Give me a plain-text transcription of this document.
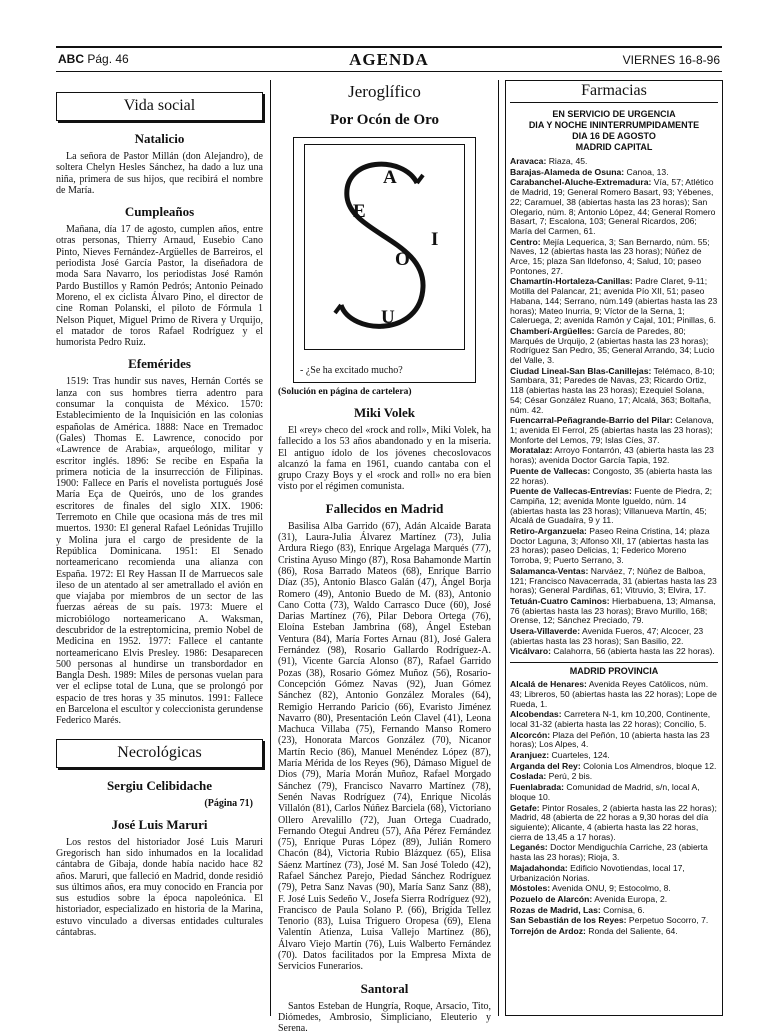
ABC Pág. 46	AGENDA	VIERNES 16-8-96
Vida social
Natalicio
La señora de Pastor Millán (don Alejandro), de soltera Chelyn Hesles Sánchez, ha dado a luz una niña, primera de sus hijos, que recibirá el nombre de María.
Cumpleaños
Mañana, día 17 de agosto, cumplen años, entre otras personas, Thierry Arnaud, Eusebio Cano Pinto, Nieves Fernández-Argüelles de Barreiros, el periodista José García Pastor, la diseñadora de moda Sara Navarro, los periodistas José Ramón Pardo Bustillos y Ramón Pedrós; Antonio Peinado Moreno, el ex ciclista Álvaro Pino, el director de cine Roman Polanski, el piloto de Fórmula 1 Nelson Piquet, Miguel Primo de Rivera y Urquijo, el matador de toros Rafael Rodríguez y el humorista Pedro Ruiz.
Efemérides
1519: Tras hundir sus naves, Hernán Cortés se lanza con sus hombres tierra adentro para consumar la conquista de México. 1570: Establecimiento de la Inquisición en las colonias españolas de América. 1888: Nace en Tremadoc (Gales) Thomas E. Lawrence, conocido por «Lawrence de Arabia», arqueólogo, militar y escritor inglés. 1896: Se recibe en España la primera noticia de la insurrección de Filipinas. 1900: Fallece en París el novelista portugués José María Eça de Queirós, uno de los grandes escritores de finales del siglo XIX. 1906: Terremoto en Chile que ocasiona más de tres mil muertos. 1930: El general Rafael Leónidas Trujillo y Molina jura el cargo de presidente de la República Dominicana. 1951: El Senado norteamericano recomienda una alianza con España. 1972: El Rey Hassan II de Marruecos sale ileso de un atentado al ser ametrallado el avión en que viajaba por miembros de un sector de las fuerzas aéreas de su país. 1973: Muere el microbiólogo norteamericano A. Waksman, descubridor de la estreptomicina, premio Nobel de Medicina en 1952. 1977: Fallece el cantante norteamericano Elvis Presley. 1986: Desaparecen 500 personas al hundirse un transbordador en Bangla Desh. 1989: Miles de personas vuelan para ver el eclipse total de Luna, que se prolongó por espacio de tres horas y 35 minutos. 1991: Fallece en Barcelona el escultor y coleccionista gerundense Federico Marés.
Necrológicas
Sergiu Celibidache
(Página 71)
José Luis Maruri
Los restos del historiador José Luis Maruri Gregorisch han sido inhumados en la localidad cántabra de Gibaja, donde había nacido hace 82 años. Maruri, que falleció en Madrid, donde residió sus últimos años, era muy conocido en Francia por sus estudios sobre la época napoleónica. El historiador, especializado en historia de la Marina, estuvo vinculado a diversas entidades culturales cántabras.
Jeroglífico
Por Ocón de Oro
A
E
I
O
U
- ¿Se ha excitado mucho?
(Solución en página de cartelera)
Miki Volek
El «rey» checo del «rock and roll», Miki Volek, ha fallecido a los 53 años abandonado y en la miseria. El antiguo ídolo de los jóvenes checoslovacos alcanzó la fama en 1961, cuando cantaba con el grupo Crazy Boys y el «rock and roll» no era bien visto por el régimen comunista.
Fallecidos en Madrid
Basilisa Alba Garrido (67), Adán Alcaide Barata (31), Laura-Julia Álvarez Martínez (73), Julia Ardura Riego (83), Enrique Argelaga Marqués (77), Cristina Ayuso Mingo (87), Rosa Bahamonde Martín (86), Rosa Barrado Mateos (68), Enrique Barrio Díaz (35), Antonio Blasco Galán (47), Ángel Borja Romero (49), Antonio Buedo de M. (83), Antonio Cano Cotta (73), Waldo Carrasco Duce (60), José Darias Martínez (76), Pilar Debora Ortega (76), Eloína Esteban Jambrina (68), Ángel Esteban Ventura (84), María Fortes Arnau (81), José Galera Fernández (98), Rosario Gallardo Rodríguez-A. (91), Vicente García Alonso (87), Rafael Garrido Pozas (38), Rosario Gómez Muñoz (56), Rosario-Concepción Gómez Navas (92), Juan Gómez Sánchez (82), Antonio González Morales (64), Remigio Herrando Paricio (66), Evaristo Jiménez Navarro (80), Presentación León Clavel (41), Leona Machuca Villaba (75), Fernando Manso Romero (23), Honorata Marcos González (70), Nicanor Martín Recio (86), Manuel Menéndez López (87), María Mérida de los Reyes (96), Dámaso Miguel de Dios (79), María Morán Muñoz, Rafael Morgado Sánchez (79), Francisco Navarro Martínez (78), Senén Navas Rodríguez (74), Enrique Nicolás Villalón (81), Carlos Núñez Barciela (68), Victoriano Ollero Arevalillo (72), Juan Ortega Cuadrado, Fernando Otegui Andreu (57), Aña Pérez Fernández (75), Enrique Puras López (89), Julián Romero Chacón (84), Victoria Rubio Blázquez (65), Elisa Sáenz Martínez (73), José M. San José Toledo (42), Rafael Sánchez Parejo, Piedad Sánchez Rodríguez (79), Petra Sanz Navas (90), María Sanz Sanz (88), F. José Luis Sedeño V., Josefa Sierra Rodríguez (92), Francisco de Paula Solano P. (66), Brígida Tellez Tenorio (83), Luisa Triguero Oropesa (69), Elena Valentín Atienza, Luisa Vallejo Martínez (86), Álvaro Viejo Martín (76), Luis Walberto Fernández (70). Datos facilitados por la Empresa Mixta de Servicios Funerarios.
Santoral
Santos Esteban de Hungría, Roque, Arsacio, Tito, Diómedes, Ambrosio, Simpliciano, Eleuterio y Serena.
Farmacias
EN SERVICIO DE URGENCIA
DIA Y NOCHE ININTERRUMPIDAMENTE
DIA 16 DE AGOSTO
MADRID CAPITAL
Aravaca: Riaza, 45.
Barajas-Alameda de Osuna: Canoa, 13.
Carabanchel-Aluche-Extremadura: Vía, 57; Atlético de Madrid, 19; General Romero Basart, 93; Yébenes, 22; Caramuel, 38 (abiertas hasta las 23 horas); San Olegario, núm. 8; Antonio López, 44; General Romero Basart, 7; Escalona, 103; General Ricardos, 206; María del Carmen, 61.
Centro: Mejía Lequerica, 3; San Bernardo, núm. 55; Naves, 12 (abiertas hasta las 23 horas); Núñez de Arce, 15; plaza San Ildefonso, 4; Salud, 10; paseo Pontones, 27.
Chamartín-Hortaleza-Canillas: Padre Claret, 9-11; Motilla del Palancar, 21; avenida Pío XII, 51; paseo Habana, 144; Serrano, núm.149 (abiertas hasta las 23 horas); Mateo Inurria, 9; Víctor de la Serna, 1; Caleruega, 2; avenida Ramón y Cajal, 101; Pinillas, 6.
Chamberí-Argüelles: García de Paredes, 80; Marqués de Urquijo, 2 (abiertas hasta las 23 horas); Rodríguez San Pedro, 35; General Arrando, 34; Lucio del Valle, 3.
Ciudad Lineal-San Blas-Canillejas: Telémaco, 8-10; Sambara, 31; Paredes de Navas, 23; Ricardo Ortiz, 118 (abiertas hasta las 23 horas); Ezequiel Solana, 54; César González Ruano, 17; Alcalá, 363; Boltaña, núm. 42.
Fuencarral-Peñagrande-Barrio del Pilar: Celanova, 1; avenida El Ferrol, 25 (abiertas hasta las 23 horas); Monforte del Lemos, 79; Islas Cíes, 37.
Moratalaz: Arroyo Fontarrón, 43 (abierta hasta las 23 horas); avenida Doctor García Tapia, 192.
Puente de Vallecas: Congosto, 35 (abierta hasta las 22 horas).
Puente de Vallecas-Entrevías: Fuente de Piedra, 2; Campiña, 12; avenida Monte Igueldo, núm. 14 (abiertas hasta las 23 horas); Villanueva Martín, 45; Alcalá de Guadaíra, 9 y 11.
Retiro-Arganzuela: Paseo Reina Cristina, 14; plaza Doctor Laguna, 3; Alfonso XII, 17 (abiertas hasta las 23 horas); paseo Delicias, 1; Federico Moreno Torroba, 9; Puerto Serrano, 3.
Salamanca-Ventas: Narváez, 7; Núñez de Balboa, 121; Francisco Navacerrada, 31 (abiertas hasta las 23 horas); General Pardiñas, 61; Vitruvio, 3; Elvira, 17.
Tetuán-Cuatro Caminos: Hierbabuena, 13; Almansa, 76 (abiertas hasta las 23 horas); Bravo Murillo, 168; Orense, 12; Sánchez Preciado, 79.
Usera-Villaverde: Avenida Fueros, 47; Alcocer, 23 (abiertas hasta las 23 horas); San Basilio, 22.
Vicálvaro: Calahorra, 56 (abierta hasta las 22 horas).
MADRID PROVINCIA
Alcalá de Henares: Avenida Reyes Católicos, núm. 43; Libreros, 50 (abiertas hasta las 22 horas); Lope de Rueda, 1.
Alcobendas: Carretera N-1, km 10,200, Continente, local 31-32 (abierta hasta las 22 horas); Concilio, 5.
Alcorcón: Plaza del Peñón, 10 (abierta hasta las 23 horas); Los Alpes, 4.
Aranjuez: Cuarteles, 124.
Arganda del Rey: Colonia Los Almendros, bloque 12.
Coslada: Perú, 2 bis.
Fuenlabrada: Comunidad de Madrid, s/n, local A, bloque 10.
Getafe: Pintor Rosales, 2 (abierta hasta las 22 horas); Madrid, 48 (abierta de 22 horas a 9,30 horas del día siguiente); Alicante, 4 (abierta hasta las 22 horas, cierra de 13,45 a 17 horas).
Leganés: Doctor Mendiguchía Carriche, 23 (abierta hasta las 23 horas); Rioja, 3.
Majadahonda: Edificio Novotiendas, local 17, Urbanización Norias.
Móstoles: Avenida ONU, 9; Estocolmo, 8.
Pozuelo de Alarcón: Avenida Europa, 2.
Rozas de Madrid, Las: Cornisa, 6.
San Sebastián de los Reyes: Perpetuo Socorro, 7.
Torrejón de Ardoz: Ronda del Saliente, 64.
